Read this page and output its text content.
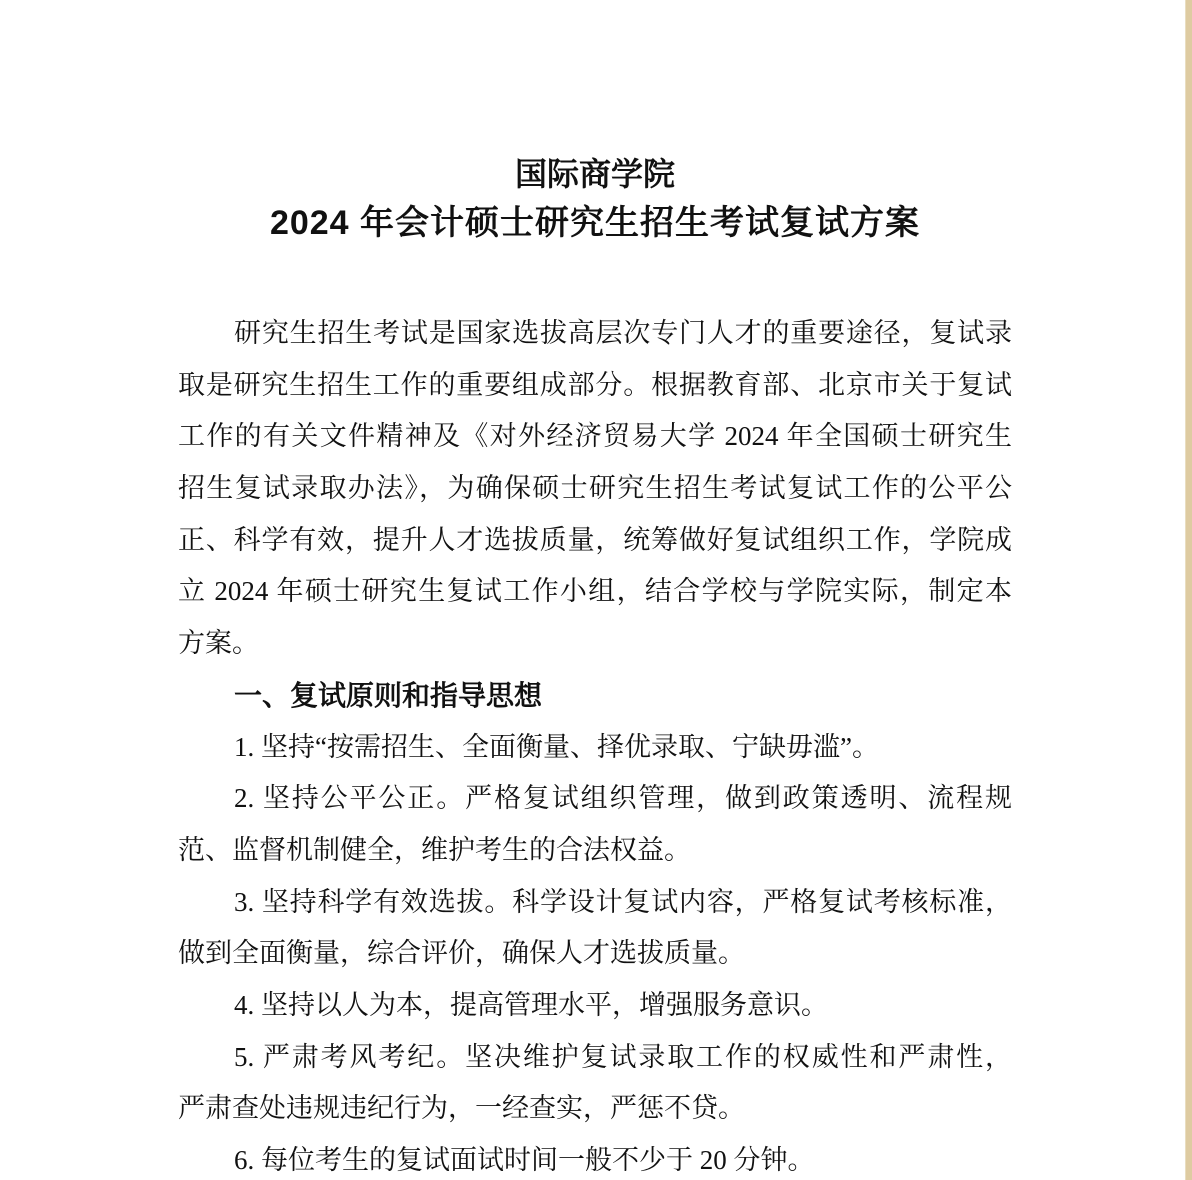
国际商学院
2024 年会计硕士研究生招生考试复试方案
研究生招生考试是国家选拔高层次专门人才的重要途径，复试录
取是研究生招生工作的重要组成部分。根据教育部、北京市关于复试
工作的有关文件精神及《对外经济贸易大学 2024 年全国硕士研究生
招生复试录取办法》，为确保硕士研究生招生考试复试工作的公平公
正、科学有效，提升人才选拔质量，统筹做好复试组织工作，学院成
立 2024 年硕士研究生复试工作小组，结合学校与学院实际，制定本
方案。
一、复试原则和指导思想
1. 坚持“按需招生、全面衡量、择优录取、宁缺毋滥”。
2. 坚持公平公正。严格复试组织管理，做到政策透明、流程规
范、监督机制健全，维护考生的合法权益。
3. 坚持科学有效选拔。科学设计复试内容，严格复试考核标准，
做到全面衡量，综合评价，确保人才选拔质量。
4. 坚持以人为本，提高管理水平，增强服务意识。
5. 严肃考风考纪。坚决维护复试录取工作的权威性和严肃性，
严肃查处违规违纪行为，一经查实，严惩不贷。
6. 每位考生的复试面试时间一般不少于 20 分钟。
